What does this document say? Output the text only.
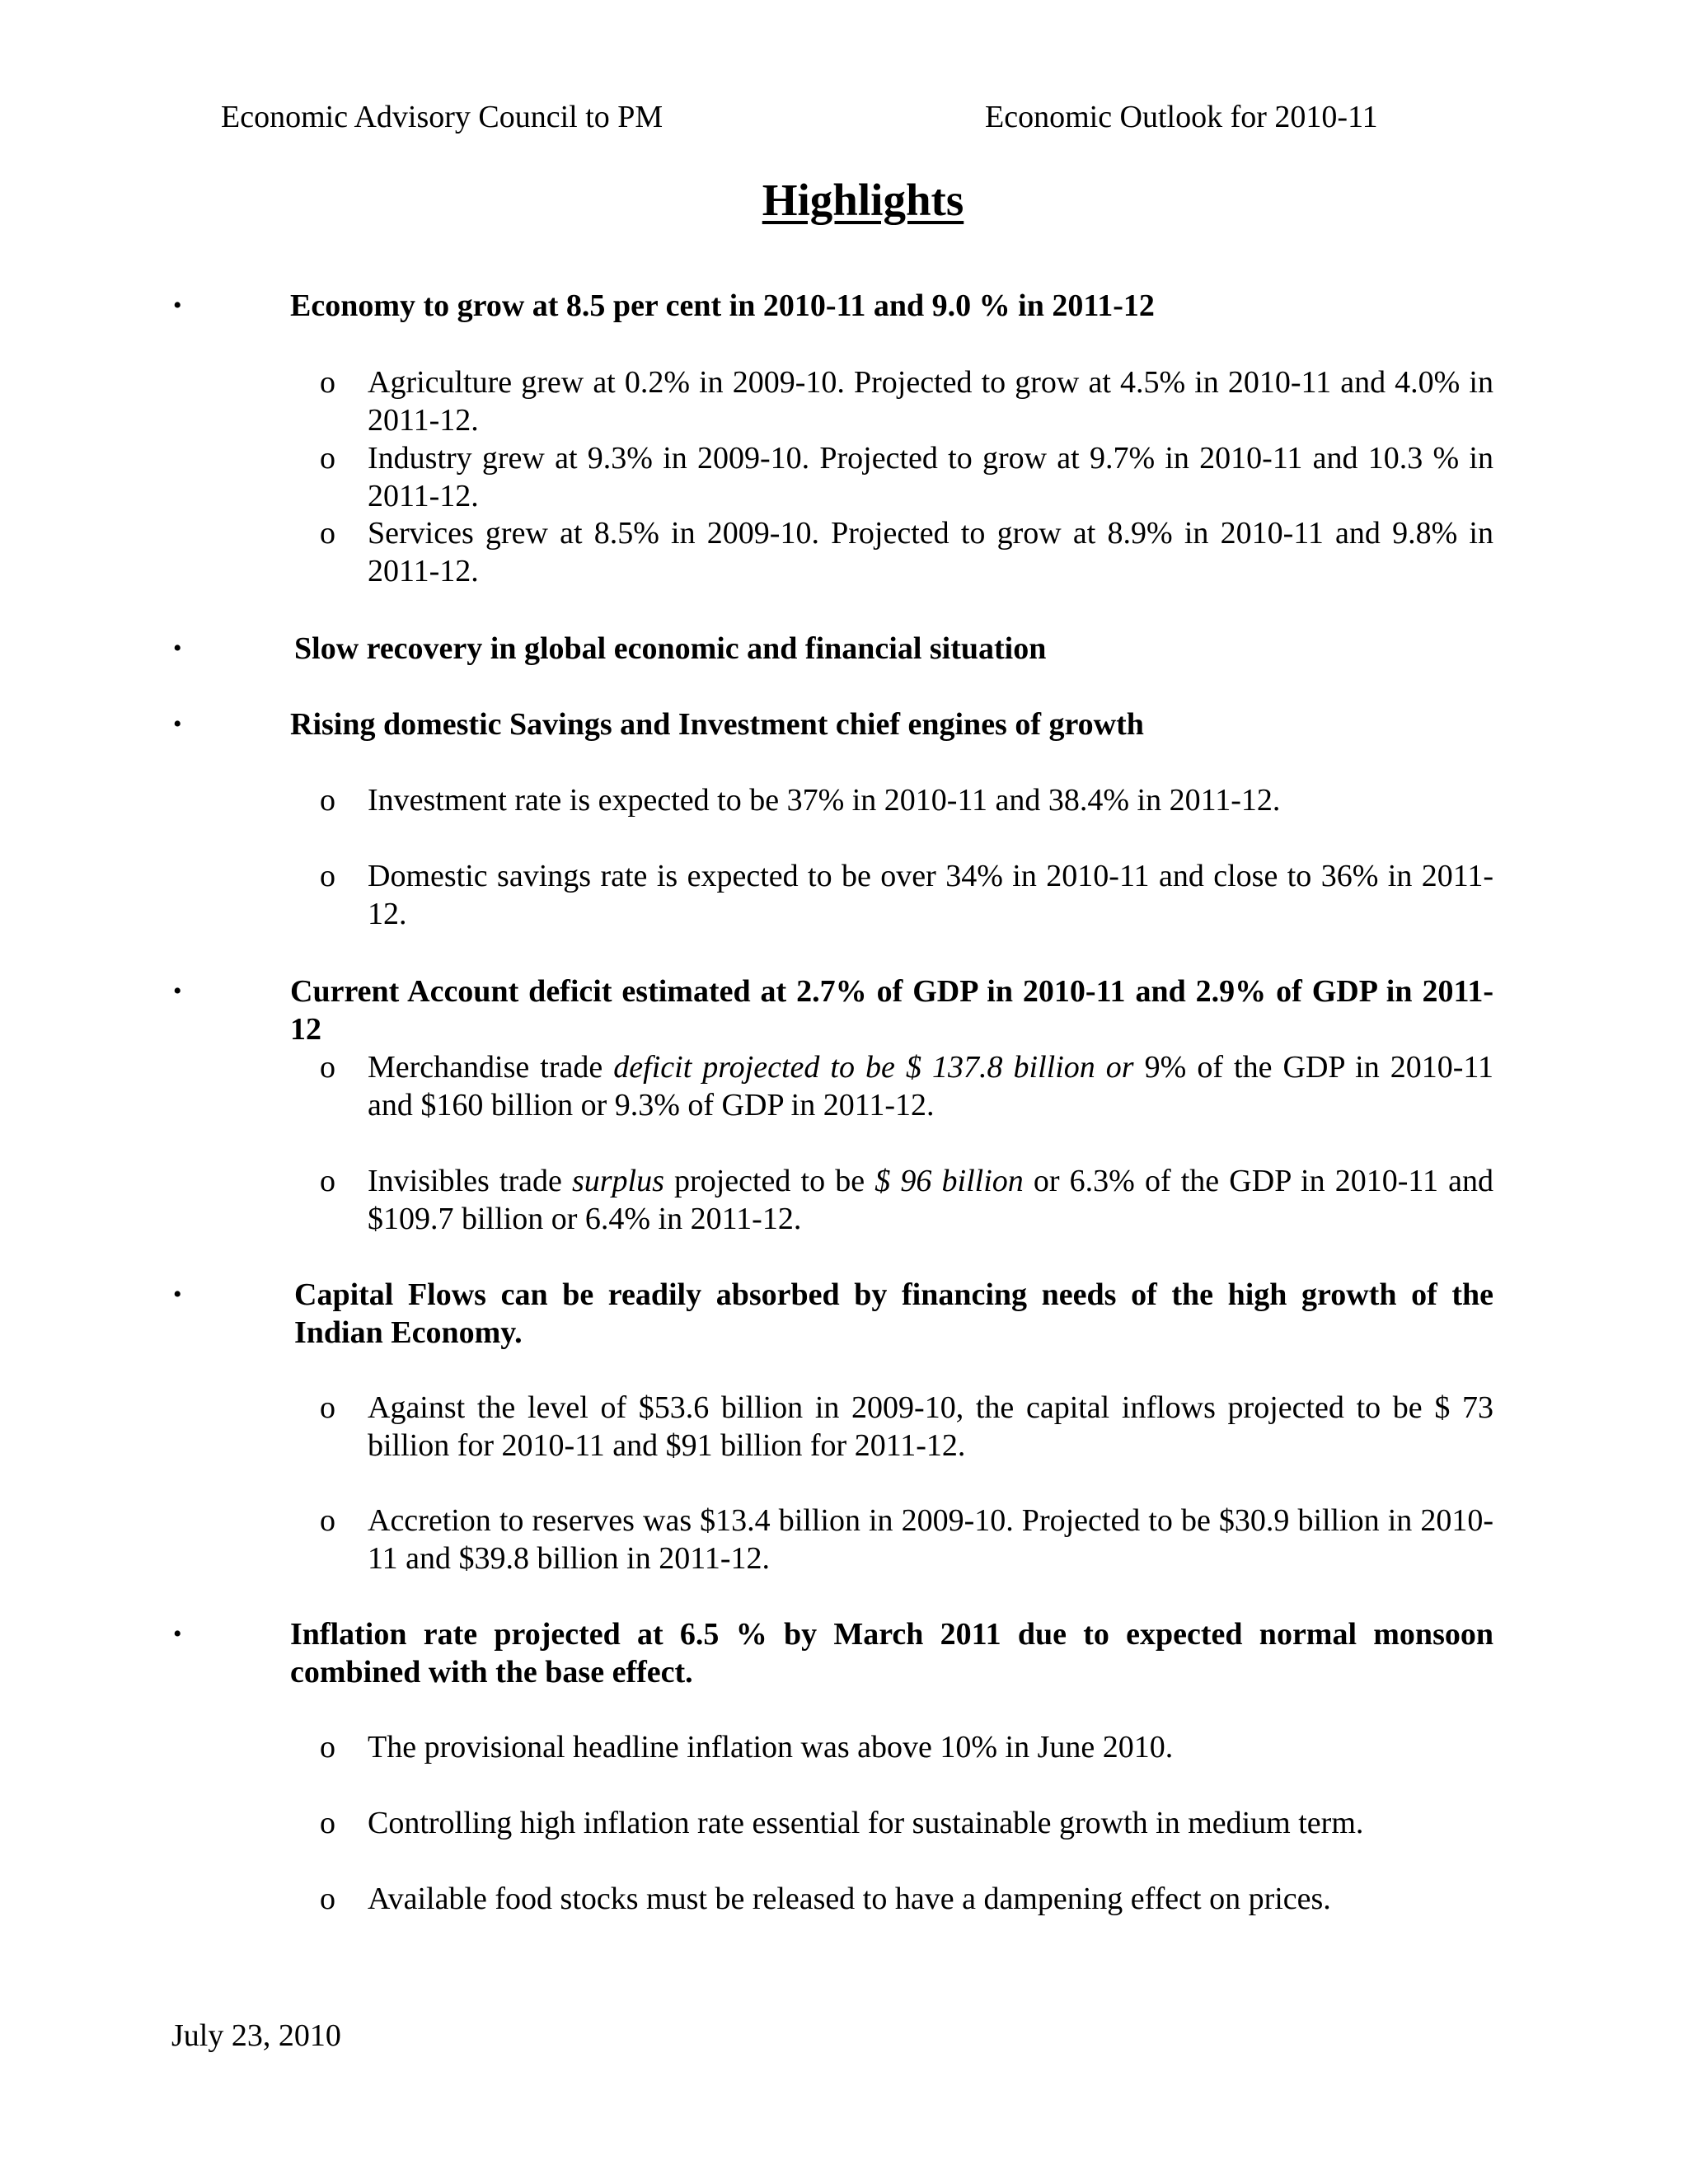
Economic Advisory Council to PM	Economic Outlook for 2010-11
Highlights
•	Economy to grow at 8.5 per cent in 2010-11 and 9.0 % in 2011-12
o Agriculture grew at 0.2% in 2009-10. Projected to grow at 4.5% in 2010-11 and 4.0% in 2011-12.
o Industry grew at 9.3% in 2009-10. Projected to grow at 9.7% in 2010-11 and 10.3 % in 2011-12.
o Services grew at 8.5% in 2009-10. Projected to grow at 8.9% in 2010-11 and 9.8% in 2011-12.
•	Slow recovery in global economic and financial situation
•	Rising domestic Savings and Investment chief engines of growth
o Investment rate is expected to be 37% in 2010-11 and 38.4% in 2011-12.
o Domestic savings rate is expected to be over 34% in 2010-11 and close to 36% in 2011-12.
•	Current Account deficit estimated at 2.7% of GDP in 2010-11 and 2.9% of GDP in 2011-12
o Merchandise trade deficit projected to be $ 137.8 billion or 9% of the GDP in 2010-11 and $160 billion or 9.3% of GDP in 2011-12.
o Invisibles trade surplus projected to be $ 96 billion or 6.3% of the GDP in 2010-11 and $109.7 billion or 6.4% in 2011-12.
•	Capital Flows can be readily absorbed by financing needs of the high growth of the Indian Economy.
o Against the level of $53.6 billion in 2009-10, the capital inflows projected to be $ 73 billion for 2010-11 and $91 billion for 2011-12.
o Accretion to reserves was $13.4 billion in 2009-10. Projected to be $30.9 billion in 2010-11 and $39.8 billion in 2011-12.
•	Inflation rate projected at 6.5 % by March 2011 due to expected normal monsoon combined with the base effect.
o The provisional headline inflation was above 10% in June 2010.
o Controlling high inflation rate essential for sustainable growth in medium term.
o Available food stocks must be released to have a dampening effect on prices.
July 23, 2010
